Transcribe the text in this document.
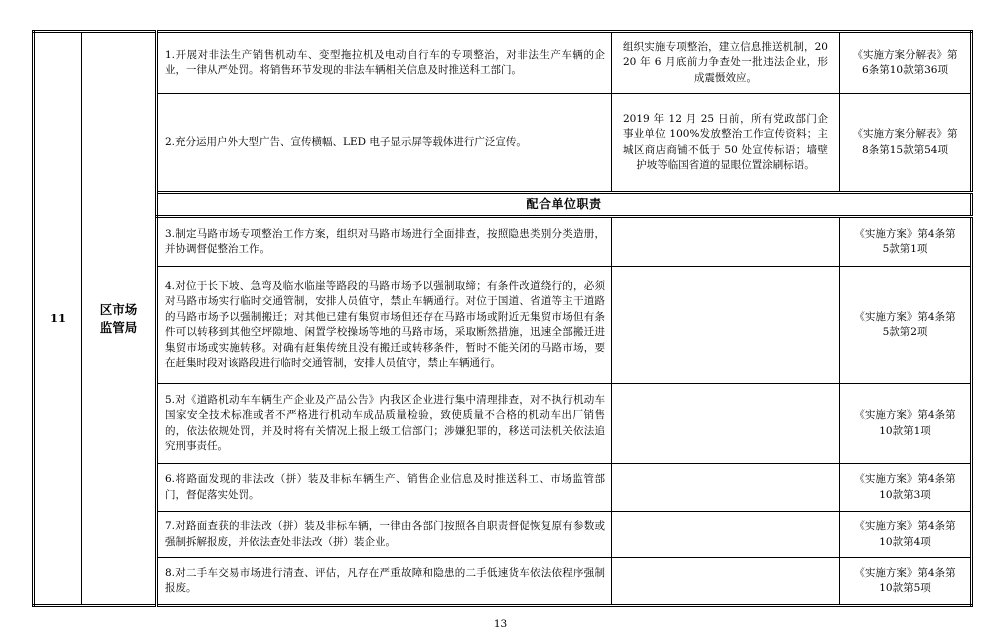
11	区市场监管局	1.开展对非法生产销售机动车、变型拖拉机及电动自行车的专项整治，对非法生产车辆的企业，一律从严处罚。将销售环节发现的非法车辆相关信息及时推送科工部门。	组织实施专项整治，建立信息推送机制，2020 年 6 月底前力争查处一批违法企业，形成震慑效应。	《实施方案分解表》第6条第10款第36项
		2.充分运用户外大型广告、宣传横幅、LED 电子显示屏等载体进行广泛宣传。	2019 年 12 月 25 日前，所有党政部门企事业单位 100%发放整治工作宣传资料；主城区商店商铺不低于 50 处宣传标语；墙壁护坡等临国省道的显眼位置涂刷标语。	《实施方案分解表》第8条第15款第54项
		配合单位职责		
		3.制定马路市场专项整治工作方案，组织对马路市场进行全面排查，按照隐患类别分类造册，并协调督促整治工作。		《实施方案》第4条第5款第1项
		4.对位于长下坡、急弯及临水临崖等路段的马路市场予以强制取缔；有条件改道绕行的，必须对马路市场实行临时交通管制，安排人员值守，禁止车辆通行。对位于国道、省道等主干道路的马路市场予以强制搬迁；对其他已建有集贸市场但还存在马路市场或附近无集贸市场但有条件可以转移到其他空坪隙地、闲置学校操场等地的马路市场，采取断然措施，迅速全部搬迁进集贸市场或实施转移。对确有赶集传统且没有搬迁或转移条件，暂时不能关闭的马路市场，要在赶集时段对该路段进行临时交通管制，安排人员值守，禁止车辆通行。		《实施方案》第4条第5款第2项
		5.对《道路机动车车辆生产企业及产品公告》内我区企业进行集中清理排查，对不执行机动车国家安全技术标准或者不严格进行机动车成品质量检验，致使质量不合格的机动车出厂销售的，依法依规处罚，并及时将有关情况上报上级工信部门；涉嫌犯罪的，移送司法机关依法追究刑事责任。		《实施方案》第4条第10款第1项
		6.将路面发现的非法改（拼）装及非标车辆生产、销售企业信息及时推送科工、市场监管部门，督促落实处罚。		《实施方案》第4条第10款第3项
		7.对路面查获的非法改（拼）装及非标车辆，一律由各部门按照各自职责督促恢复原有参数或强制拆解报废，并依法查处非法改（拼）装企业。		《实施方案》第4条第10款第4项
		8.对二手车交易市场进行清查、评估，凡存在严重故障和隐患的二手低速货车依法依程序强制报废。		《实施方案》第4条第10款第5项
13
